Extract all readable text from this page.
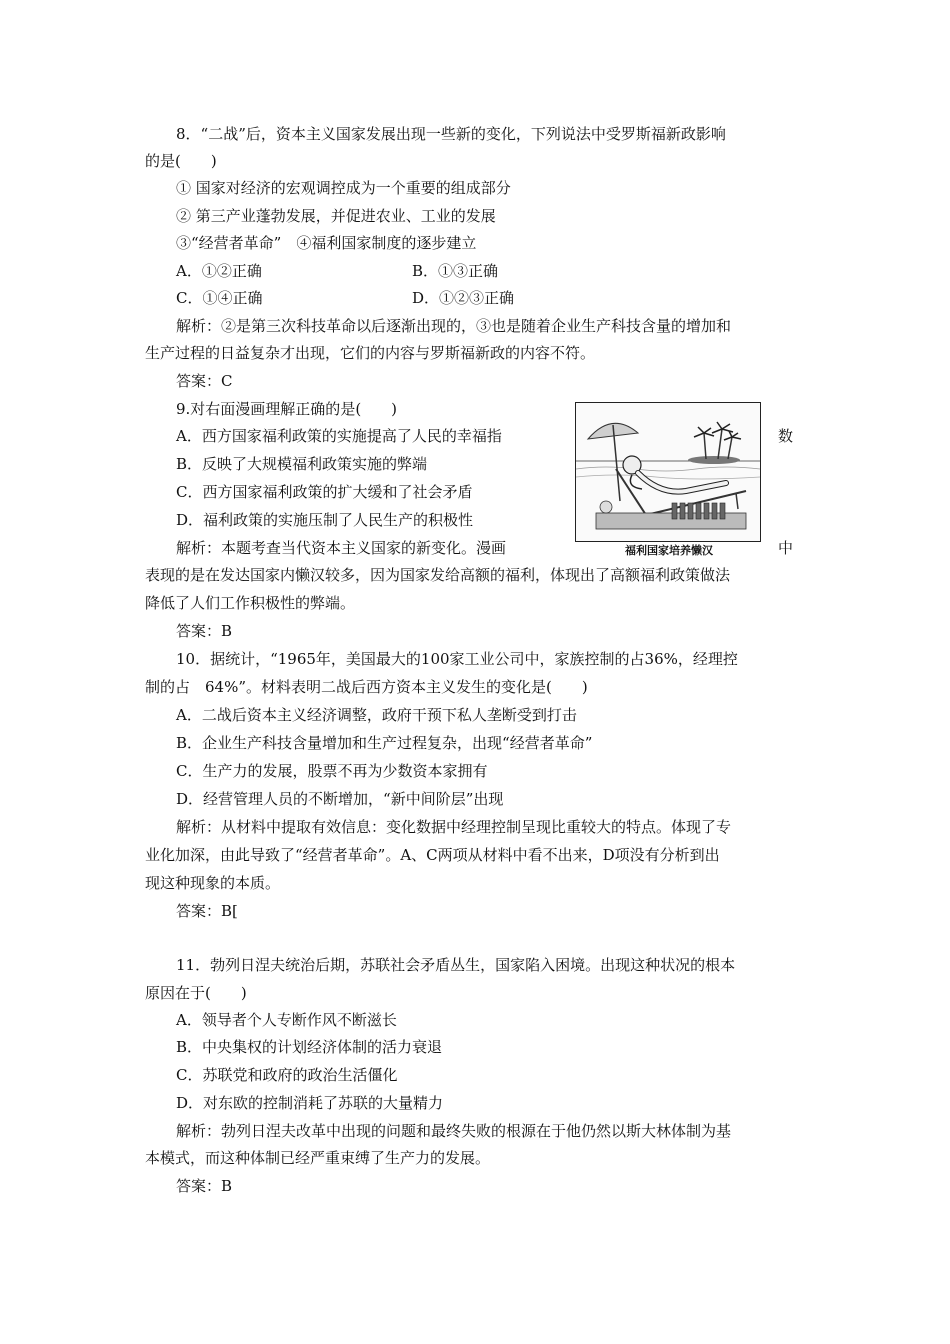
8．“二战”后，资本主义国家发展出现一些新的变化，下列说法中受罗斯福新政影响
的是(　　)
① 国家对经济的宏观调控成为一个重要的组成部分
② 第三产业蓬勃发展，并促进农业、工业的发展
③“经营者革命”　④福利国家制度的逐步建立
A．①②正确	B．①③正确
C．①④正确	D．①②③正确
解析：②是第三次科技革命以后逐渐出现的，③也是随着企业生产科技含量的增加和
生产过程的日益复杂才出现，它们的内容与罗斯福新政的内容不符。
答案：C
9.对右面漫画理解正确的是(　　)
A．西方国家福利政策的实施提高了人民的幸福指	数
B．反映了大规模福利政策实施的弊端
C．西方国家福利政策的扩大缓和了社会矛盾
D．福利政策的实施压制了人民生产的积极性
解析：本题考查当代资本主义国家的新变化。漫画	中
表现的是在发达国家内懒汉较多，因为国家发给高额的福利，体现出了高额福利政策做法
降低了人们工作积极性的弊端。
答案：B
福利国家培养懒汉
10．据统计，“1965年，美国最大的100家工业公司中，家族控制的占36%，经理控
制的占　64%”。材料表明二战后西方资本主义发生的变化是(　　)
A．二战后资本主义经济调整，政府干预下私人垄断受到打击
B．企业生产科技含量增加和生产过程复杂，出现“经营者革命”
C．生产力的发展，股票不再为少数资本家拥有
D．经营管理人员的不断增加，“新中间阶层”出现
解析：从材料中提取有效信息：变化数据中经理控制呈现比重较大的特点。体现了专
业化加深，由此导致了“经营者革命”。A、C两项从材料中看不出来，D项没有分析到出
现这种现象的本质。
答案：B[
11．勃列日涅夫统治后期，苏联社会矛盾丛生，国家陷入困境。出现这种状况的根本
原因在于(　　)
A．领导者个人专断作风不断滋长
B．中央集权的计划经济体制的活力衰退
C．苏联党和政府的政治生活僵化
D．对东欧的控制消耗了苏联的大量精力
解析：勃列日涅夫改革中出现的问题和最终失败的根源在于他仍然以斯大林体制为基
本模式，而这种体制已经严重束缚了生产力的发展。
答案：B
